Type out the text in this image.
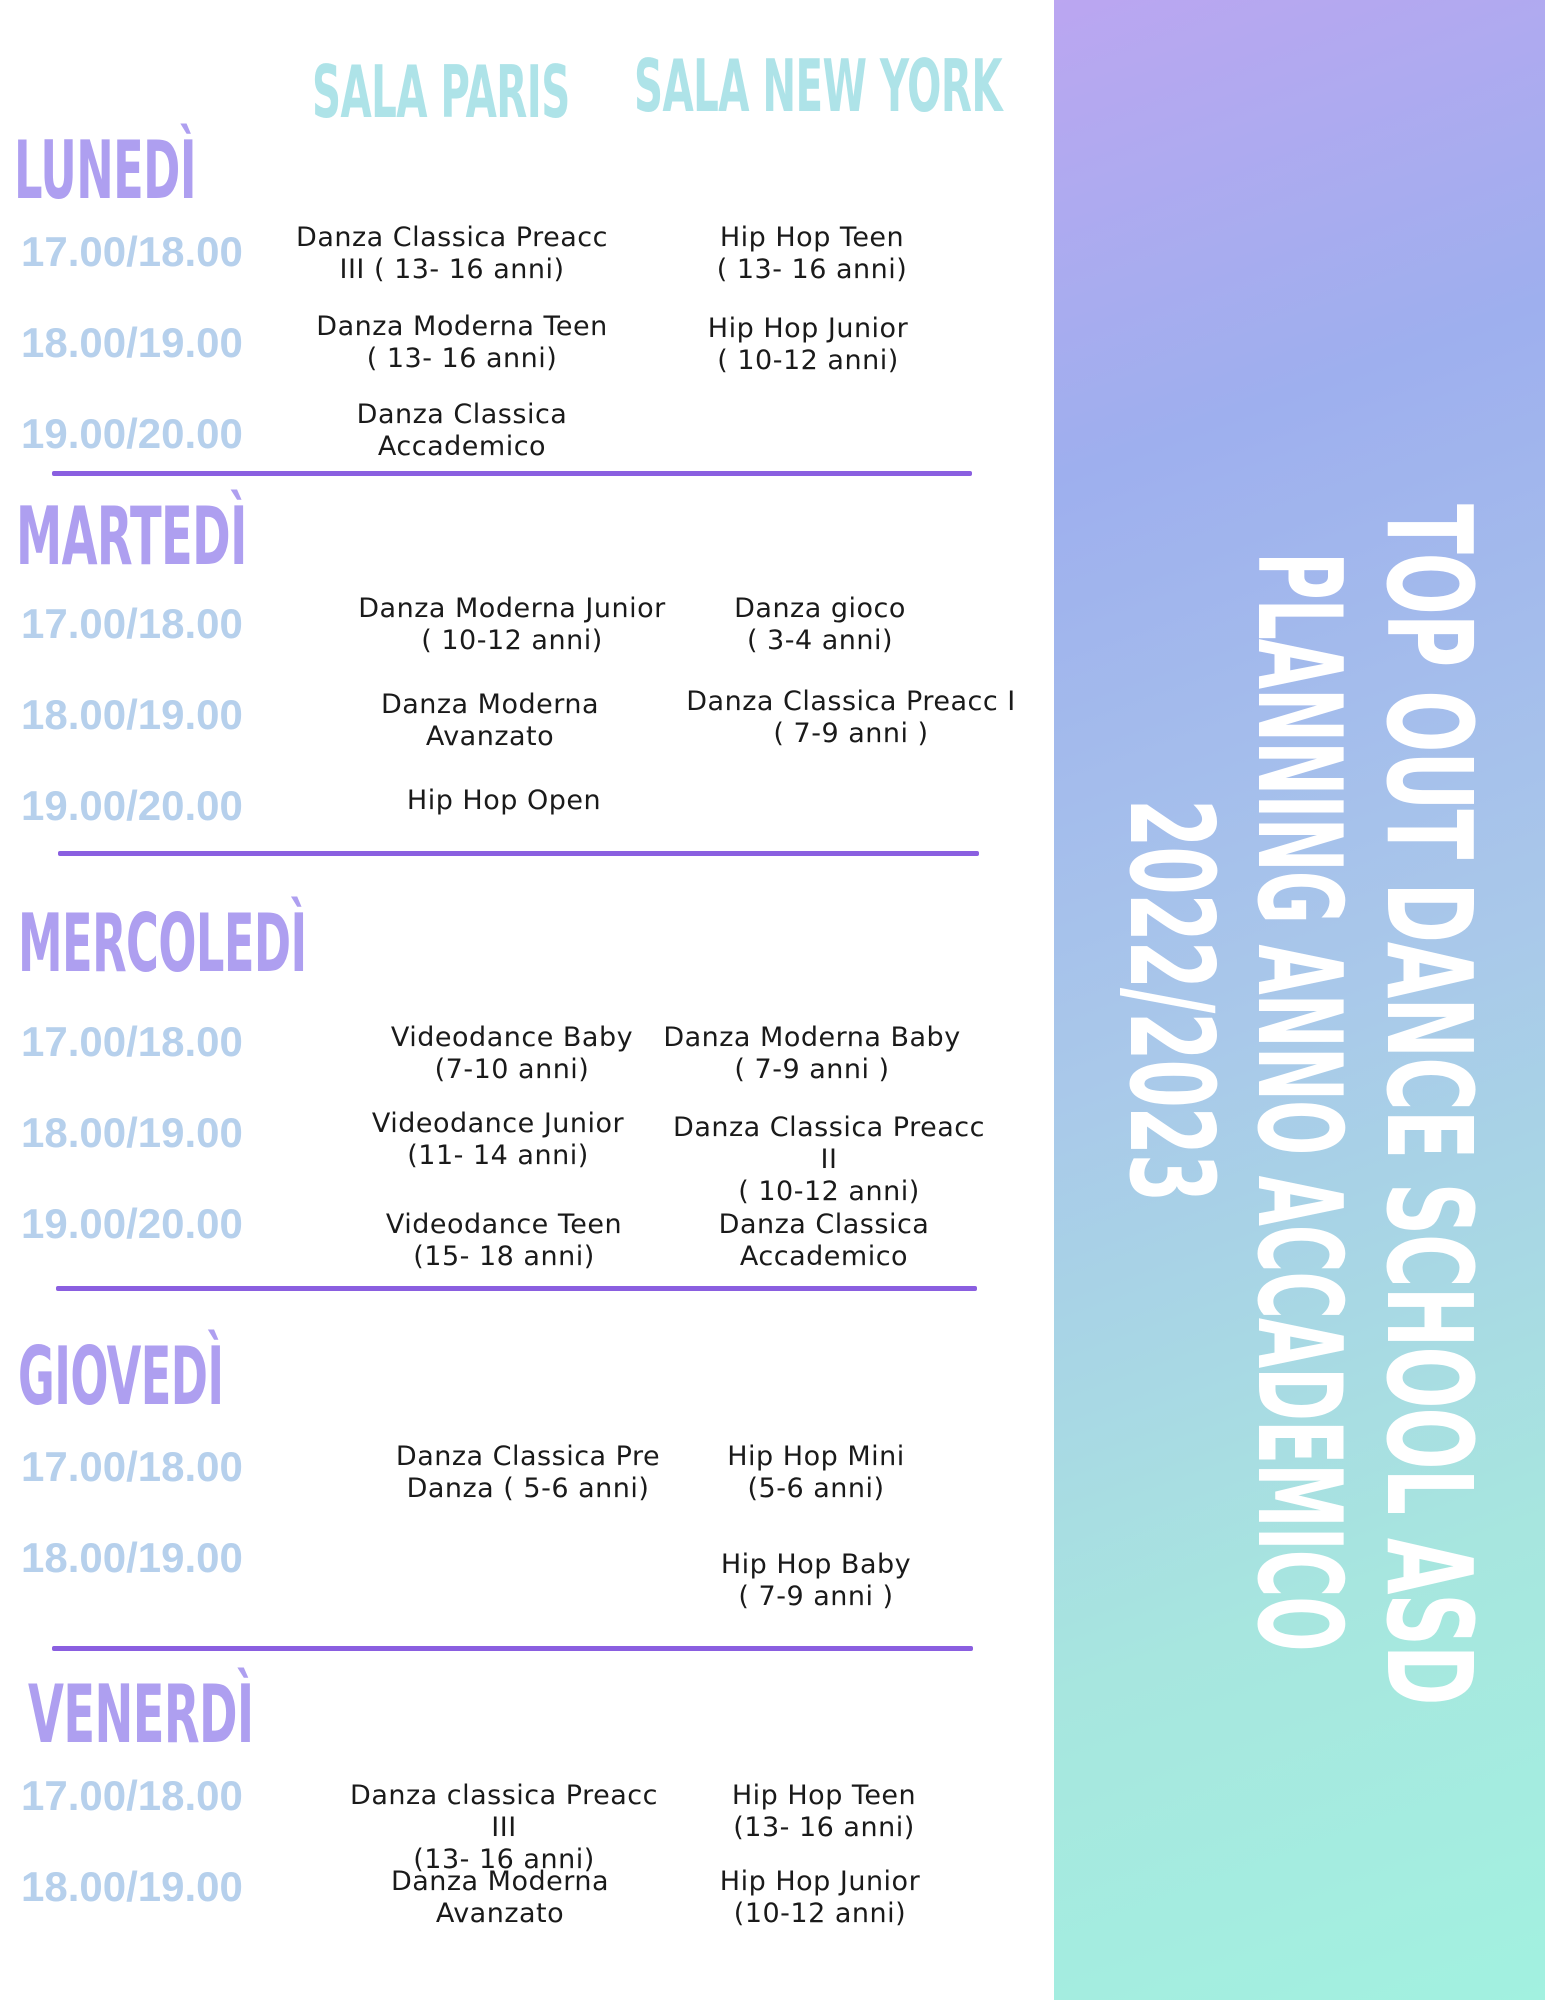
TOP OUT DANCE SCHOOL ASD
PLANNING ANNO ACCADEMICO
2022/2023
SALA PARIS SALA NEW YORK
LUNEDÌ
17.00/18.00
18.00/19.00
19.00/20.00
Danza Classica Preacc
III ( 13- 16 anni)
Danza Moderna Teen
( 13- 16 anni)
Danza Classica
Accademico
Hip Hop Teen
( 13- 16 anni)
Hip Hop Junior
( 10-12 anni)
MARTEDÌ
17.00/18.00
18.00/19.00
19.00/20.00
Danza Moderna Junior
( 10-12 anni)
Danza Moderna
Avanzato
Hip Hop Open
Danza gioco
( 3-4 anni)
Danza Classica Preacc I
( 7-9 anni )
MERCOLEDÌ
17.00/18.00
18.00/19.00
19.00/20.00
Videodance Baby
(7-10 anni)
Videodance Junior
(11- 14 anni)
Videodance Teen
(15- 18 anni)
Danza Moderna Baby
( 7-9 anni )
Danza Classica Preacc II
( 10-12 anni)
Danza Classica
Accademico
GIOVEDÌ
17.00/18.00
18.00/19.00
Danza Classica Pre
Danza ( 5-6 anni)
Hip Hop Mini
(5-6 anni)
Hip Hop Baby
( 7-9 anni )
VENERDÌ
17.00/18.00
18.00/19.00
Danza classica Preacc III
(13- 16 anni)
Danza Moderna
Avanzato
Hip Hop Teen
(13- 16 anni)
Hip Hop Junior
(10-12 anni)
